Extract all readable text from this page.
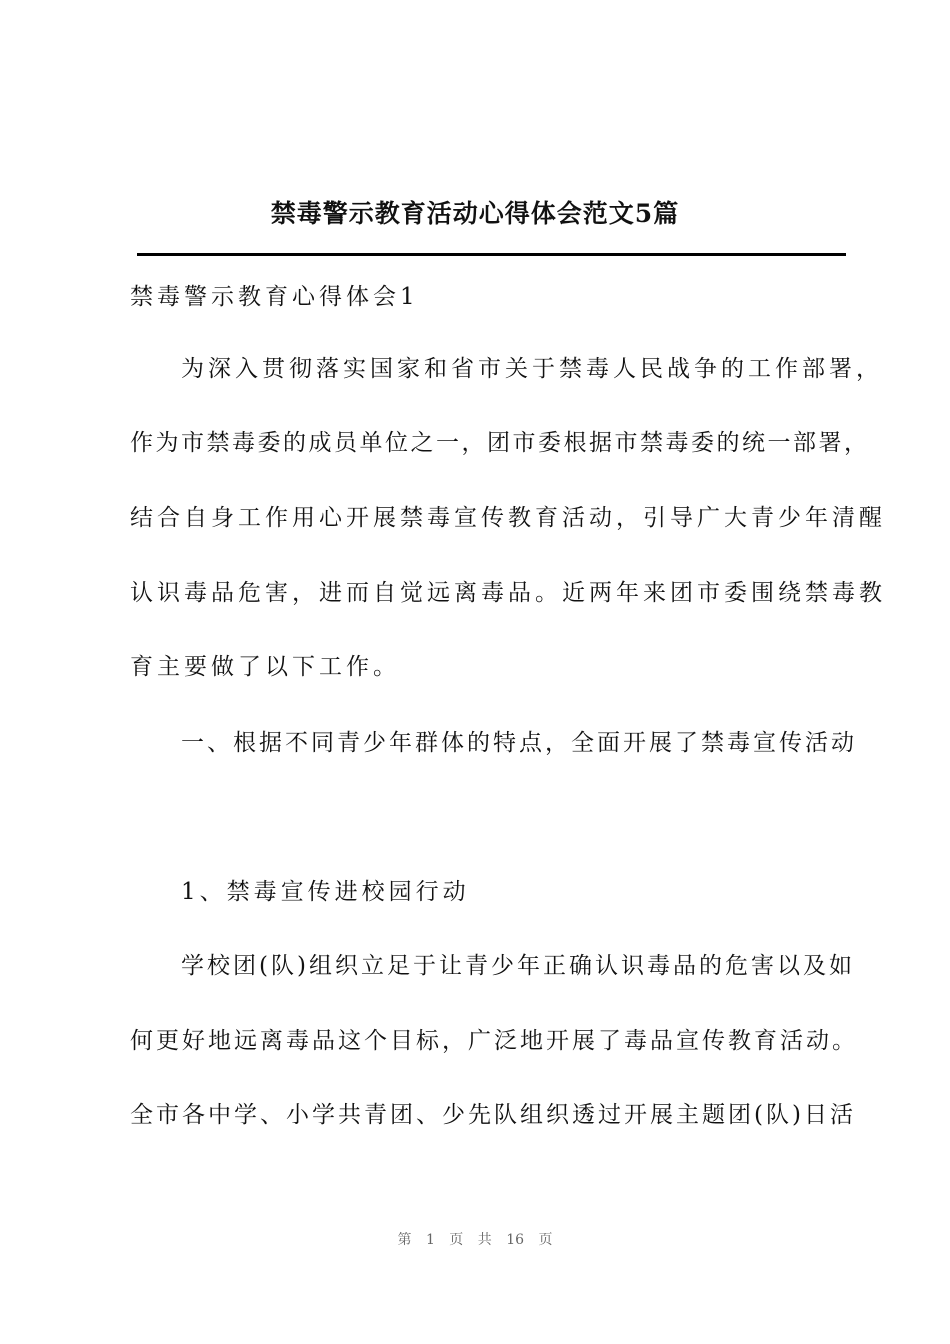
禁毒警示教育活动心得体会范文5篇
禁毒警示教育心得体会1
为深入贯彻落实国家和省市关于禁毒人民战争的工作部署，
作为市禁毒委的成员单位之一，团市委根据市禁毒委的统一部署，
结合自身工作用心开展禁毒宣传教育活动，引导广大青少年清醒
认识毒品危害，进而自觉远离毒品。近两年来团市委围绕禁毒教
育主要做了以下工作。
一、根据不同青少年群体的特点，全面开展了禁毒宣传活动
1、禁毒宣传进校园行动
学校团(队)组织立足于让青少年正确认识毒品的危害以及如
何更好地远离毒品这个目标，广泛地开展了毒品宣传教育活动。
全市各中学、小学共青团、少先队组织透过开展主题团(队)日活
第 1 页 共 16 页
